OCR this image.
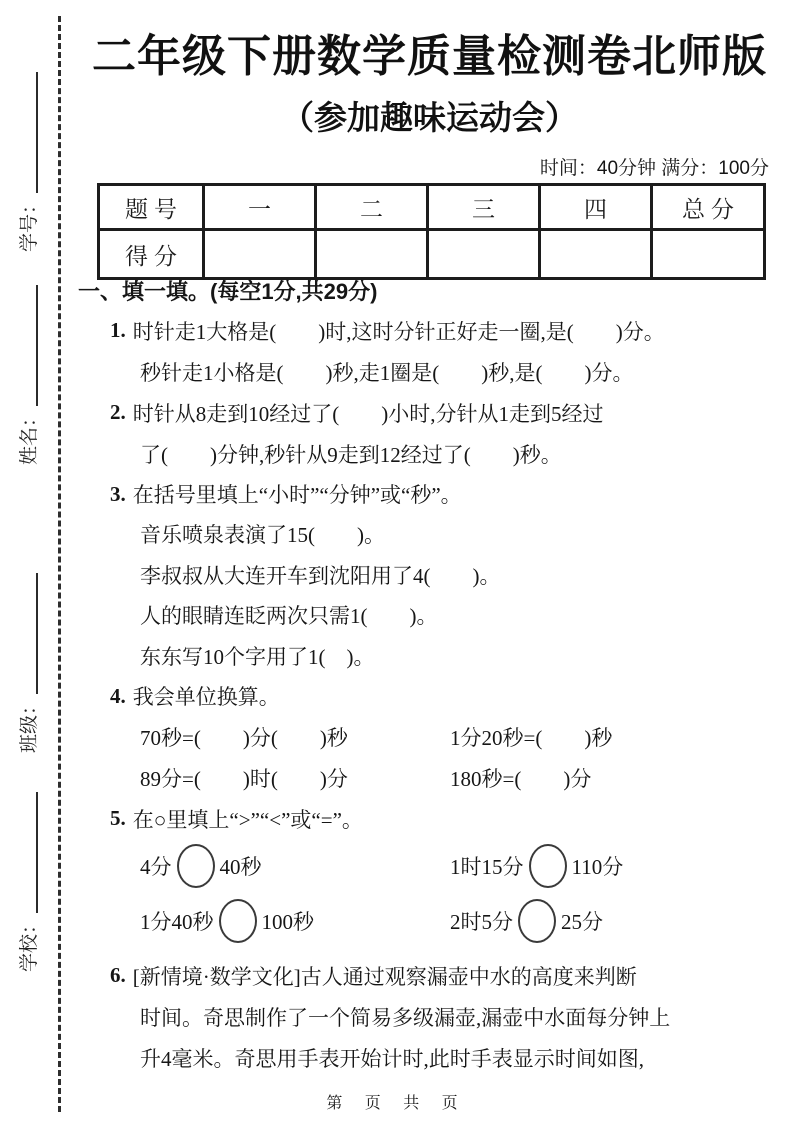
学号：
姓名：
班级：
学校：
二年级下册数学质量检测卷北师版
（参加趣味运动会）
时间：40分钟 满分：100分
题号	一	二	三	四	总分
得分					
一、填一填。(每空1分,共29分)
1. 时针走1大格是(　　)时,这时分针正好走一圈,是(　　)分。
秒针走1小格是(　　)秒,走1圈是(　　)秒,是(　　)分。
2. 时针从8走到10经过了(　　)小时,分针从1走到5经过
了(　　)分钟,秒针从9走到12经过了(　　)秒。
3. 在括号里填上“小时”“分钟”或“秒”。
音乐喷泉表演了15(　　)。
李叔叔从大连开车到沈阳用了4(　　)。
人的眼睛连眨两次只需1(　　)。
东东写10个字用了1(　)。
4. 我会单位换算。
70秒=(　　)分(　　)秒	1分20秒=(　　)秒
89分=(　　)时(　　)分	180秒=(　　)分
5. 在○里填上“>”“<”或“=”。
4分 40秒	1时15分 110分
1分40秒 100秒	2时5分 25分
6. [新情境·数学文化]古人通过观察漏壶中水的高度来判断
时间。奇思制作了一个简易多级漏壶,漏壶中水面每分钟上
升4毫米。奇思用手表开始计时,此时手表显示时间如图,
第 页 共 页
